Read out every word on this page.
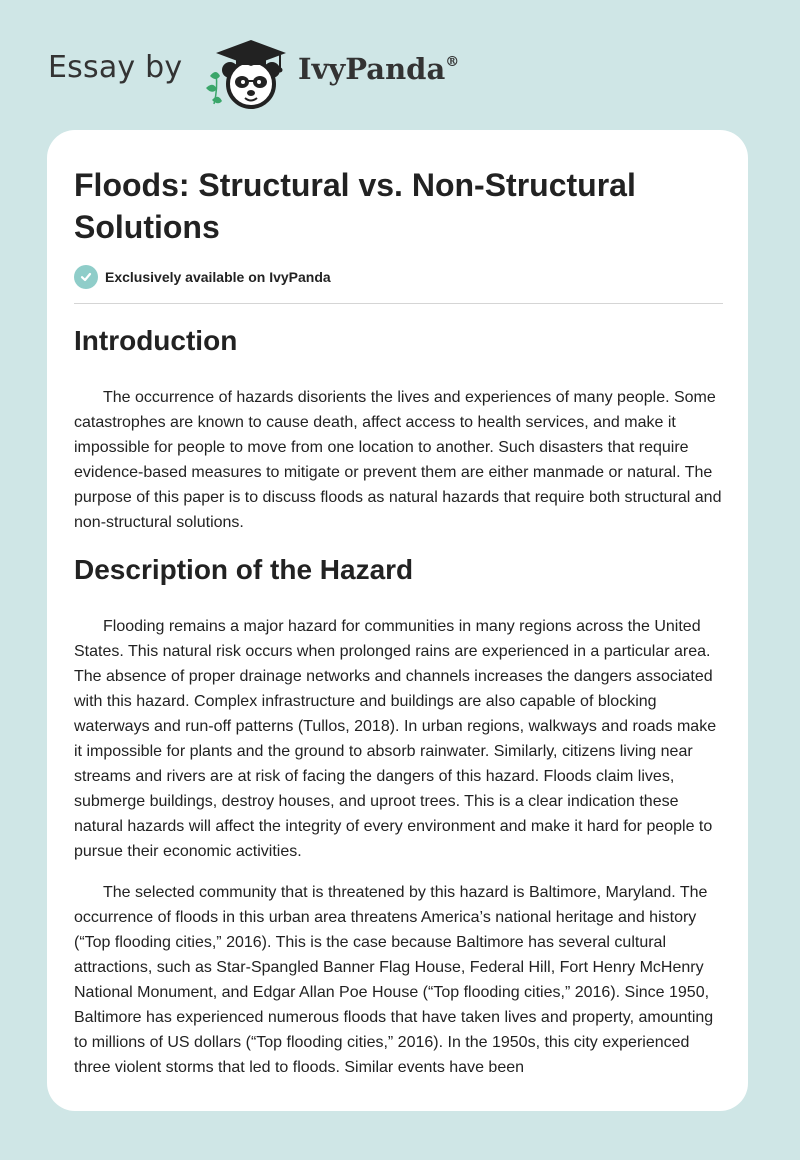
Essay by	IvyPanda®
Floods: Structural vs. Non-Structural Solutions
Exclusively available on IvyPanda
Introduction

The occurrence of hazards disorients the lives and experiences of many people. Some catastrophes are known to cause death, affect access to health services, and make it impossible for people to move from one location to another. Such disasters that require evidence-based measures to mitigate or prevent them are either manmade or natural. The purpose of this paper is to discuss floods as natural hazards that require both structural and non-structural solutions.

Description of the Hazard

Flooding remains a major hazard for communities in many regions across the United States. This natural risk occurs when prolonged rains are experienced in a particular area. The absence of proper drainage networks and channels increases the dangers associated with this hazard. Complex infrastructure and buildings are also capable of blocking waterways and run-off patterns (Tullos, 2018). In urban regions, walkways and roads make it impossible for plants and the ground to absorb rainwater. Similarly, citizens living near streams and rivers are at risk of facing the dangers of this hazard. Floods claim lives, submerge buildings, destroy houses, and uproot trees. This is a clear indication these natural hazards will affect the integrity of every environment and make it hard for people to pursue their economic activities.

The selected community that is threatened by this hazard is Baltimore, Maryland. The occurrence of floods in this urban area threatens America’s national heritage and history (“Top flooding cities,” 2016). This is the case because Baltimore has several cultural attractions, such as Star-Spangled Banner Flag House, Federal Hill, Fort Henry McHenry National Monument, and Edgar Allan Poe House (“Top flooding cities,” 2016). Since 1950, Baltimore has experienced numerous floods that have taken lives and property, amounting to millions of US dollars (“Top flooding cities,” 2016). In the 1950s, this city experienced three violent storms that led to floods. Similar events have been
